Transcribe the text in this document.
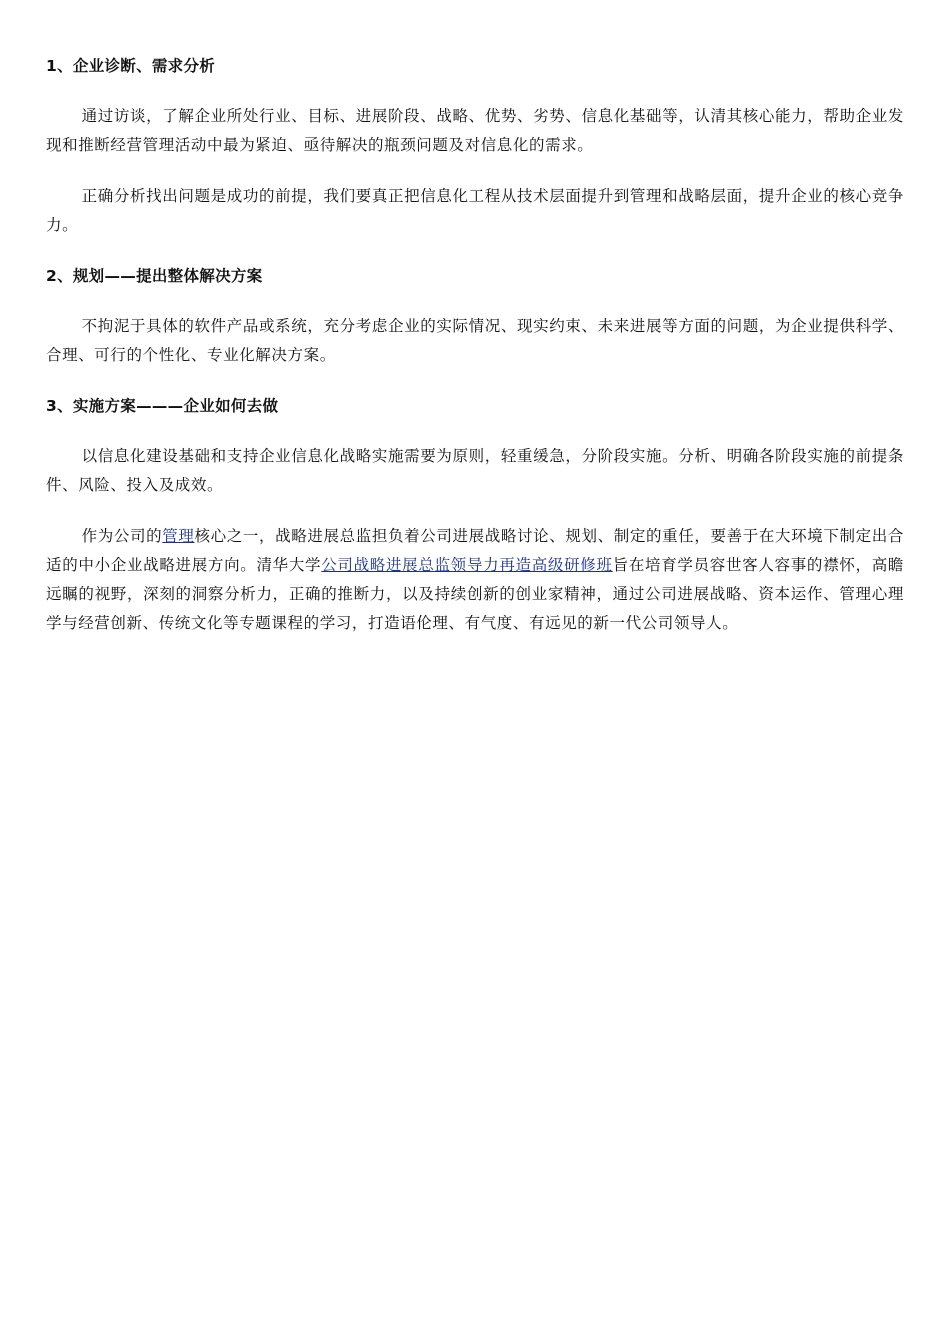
1、企业诊断、需求分析

通过访谈，了解企业所处行业、目标、进展阶段、战略、优势、劣势、信息化基础等，认清其核心能力，帮助企业发现和推断经营管理活动中最为紧迫、亟待解决的瓶颈问题及对信息化的需求。

正确分析找出问题是成功的前提，我们要真正把信息化工程从技术层面提升到管理和战略层面，提升企业的核心竞争力。

2、规划——提出整体解决方案

不拘泥于具体的软件产品或系统，充分考虑企业的实际情况、现实约束、未来进展等方面的问题，为企业提供科学、合理、可行的个性化、专业化解决方案。

3、实施方案———企业如何去做

以信息化建设基础和支持企业信息化战略实施需要为原则，轻重缓急，分阶段实施。分析、明确各阶段实施的前提条件、风险、投入及成效。

作为公司的管理核心之一，战略进展总监担负着公司进展战略讨论、规划、制定的重任，要善于在大环境下制定出合适的中小企业战略进展方向。清华大学公司战略进展总监领导力再造高级研修班旨在培育学员容世客人容事的襟怀，高瞻远瞩的视野，深刻的洞察分析力，正确的推断力，以及持续创新的创业家精神，通过公司进展战略、资本运作、管理心理学与经营创新、传统文化等专题课程的学习，打造语伦理、有气度、有远见的新一代公司领导人。
